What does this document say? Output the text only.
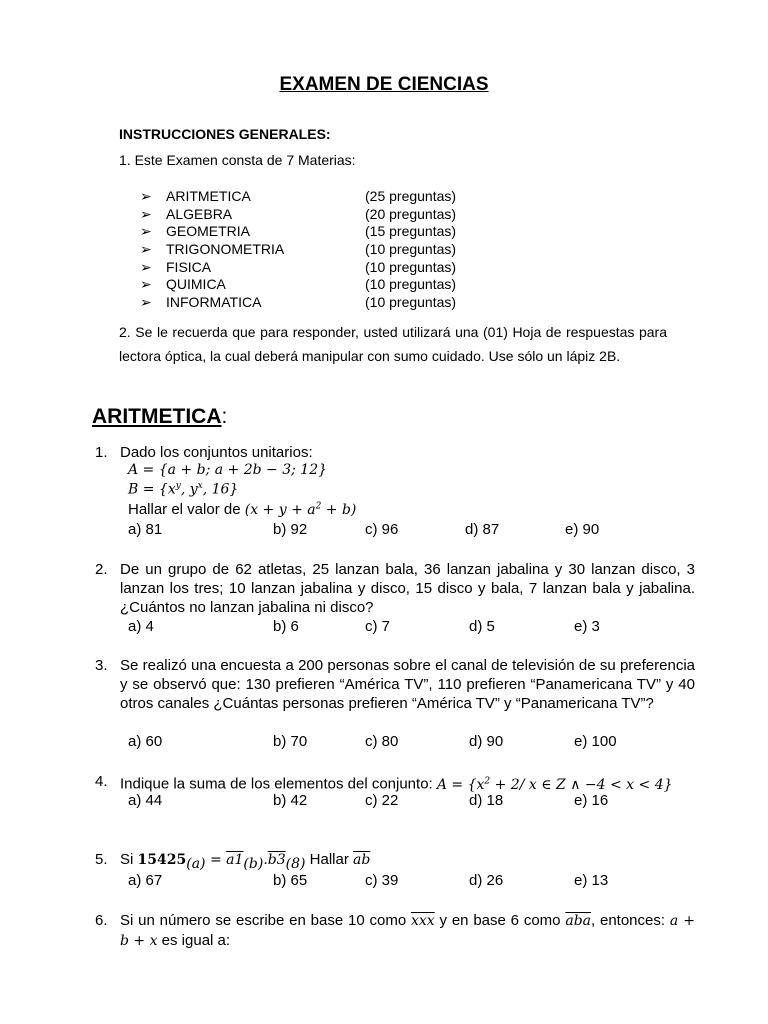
EXAMEN DE CIENCIAS
INSTRUCCIONES GENERALES:
1. Este Examen consta de 7 Materias:
➢ ARITMETICA	(25 preguntas)
➢ ALGEBRA	(20 preguntas)
➢ GEOMETRIA	(15 preguntas)
➢ TRIGONOMETRIA	(10 preguntas)
➢ FISICA	(10 preguntas)
➢ QUIMICA	(10 preguntas)
➢ INFORMATICA	(10 preguntas)
2. Se le recuerda que para responder, usted utilizará una (01) Hoja de respuestas para lectora óptica, la cual deberá manipular con sumo cuidado. Use sólo un lápiz 2B.
ARITMETICA:
1. Dado los conjuntos unitarios:
A = {a + b; a + 2b − 3; 12}
$B = \{x^y$, $y^x$, 16}
Hallar el valor de $(x + y + a^2 + b)$
a) 81	b) 92	c) 96	d) 87	e) 90
2. De un grupo de 62 atletas, 25 lanzan bala, 36 lanzan jabalina y 30 lanzan disco, 3 lanzan los tres; 10 lanzan jabalina y disco, 15 disco y bala, 7 lanzan bala y jabalina. ¿Cuántos no lanzan jabalina ni disco?
a) 4	b) 6	c) 7	d) 5	e) 3
3. Se realizó una encuesta a 200 personas sobre el canal de televisión de su preferencia y se observó que: 130 prefieren “América TV”, 110 prefieren “Panamericana TV” y 40 otros canales ¿Cuántas personas prefieren “América TV” y “Panamericana TV”?
a) 60	b) 70	c) 80	d) 90	e) 100
4. Indique la suma de los elementos del conjunto: $A = \{x^2 + 2/$ x ∈ Z ∧ −4 < x < 4}
a) 44	b) 42	c) 22	d) 18	e) 16
5. Si $15425_{(a)} = a1_{(b)}.b3_{(8)}$ Hallar $\overline{ab}$
a) 67	b) 65	c) 39	d) 26	e) 13
6. Si un número se escribe en base 10 como $\overline{xxx}$ y en base 6 como $\overline{aba}$, entonces: a + b + x es igual a:
